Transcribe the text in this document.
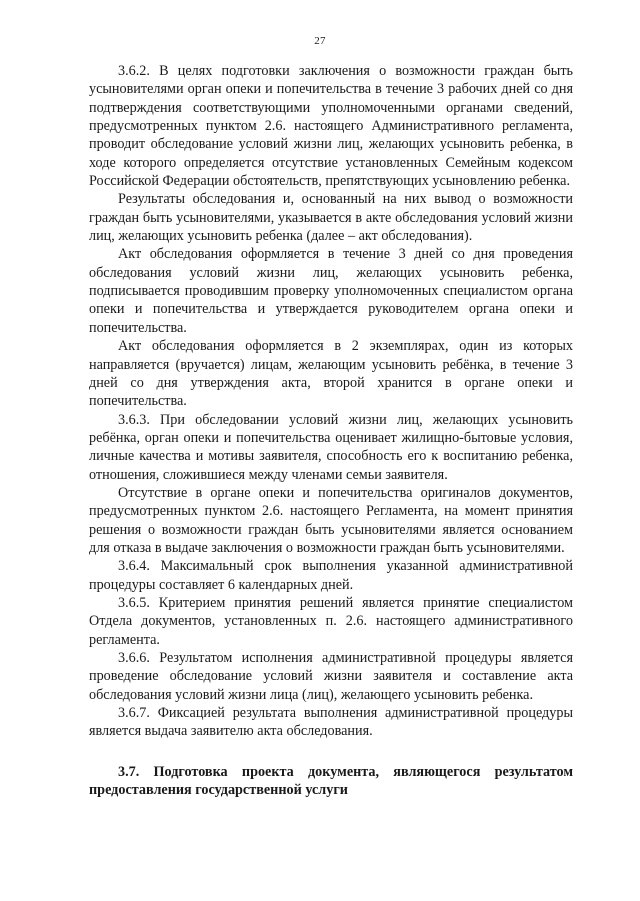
27

3.6.2. В целях подготовки заключения о возможности граждан быть усыновителями орган опеки и попечительства в течение 3 рабочих дней со дня подтверждения соответствующими уполномоченными органами сведений, предусмотренных пунктом 2.6. настоящего Административного регламента, проводит обследование условий жизни лиц, желающих усыновить ребенка, в ходе которого определяется отсутствие установленных Семейным кодексом Российской Федерации обстоятельств, препятствующих усыновлению ребенка.

Результаты обследования и, основанный на них вывод о возможности граждан быть усыновителями, указывается в акте обследования условий жизни лиц, желающих усыновить ребенка (далее – акт обследования).

Акт обследования оформляется в течение 3 дней со дня проведения обследования условий жизни лиц, желающих усыновить ребенка, подписывается проводившим проверку уполномоченных специалистом органа опеки и попечительства и утверждается руководителем органа опеки и попечительства.

Акт обследования оформляется в 2 экземплярах, один из которых направляется (вручается) лицам, желающим усыновить ребёнка, в течение 3 дней со дня утверждения акта, второй хранится в органе опеки и попечительства.

3.6.3. При обследовании условий жизни лиц, желающих усыновить ребёнка, орган опеки и попечительства оценивает жилищно-бытовые условия, личные качества и мотивы заявителя, способность его к воспитанию ребенка, отношения, сложившиеся между членами семьи заявителя.

Отсутствие в органе опеки и попечительства оригиналов документов, предусмотренных пунктом 2.6. настоящего Регламента, на момент принятия решения о возможности граждан быть усыновителями является основанием для отказа в выдаче заключения о возможности граждан быть усыновителями.

3.6.4. Максимальный срок выполнения указанной административной процедуры составляет 6 календарных дней.

3.6.5. Критерием принятия решений является принятие специалистом Отдела документов, установленных п. 2.6. настоящего административного регламента.

3.6.6. Результатом исполнения административной процедуры является проведение обследование условий жизни заявителя и составление акта обследования условий жизни лица (лиц), желающего усыновить ребенка.

3.6.7. Фиксацией результата выполнения административной процедуры является выдача заявителю акта обследования.

3.7. Подготовка проекта документа, являющегося результатом предоставления государственной услуги
